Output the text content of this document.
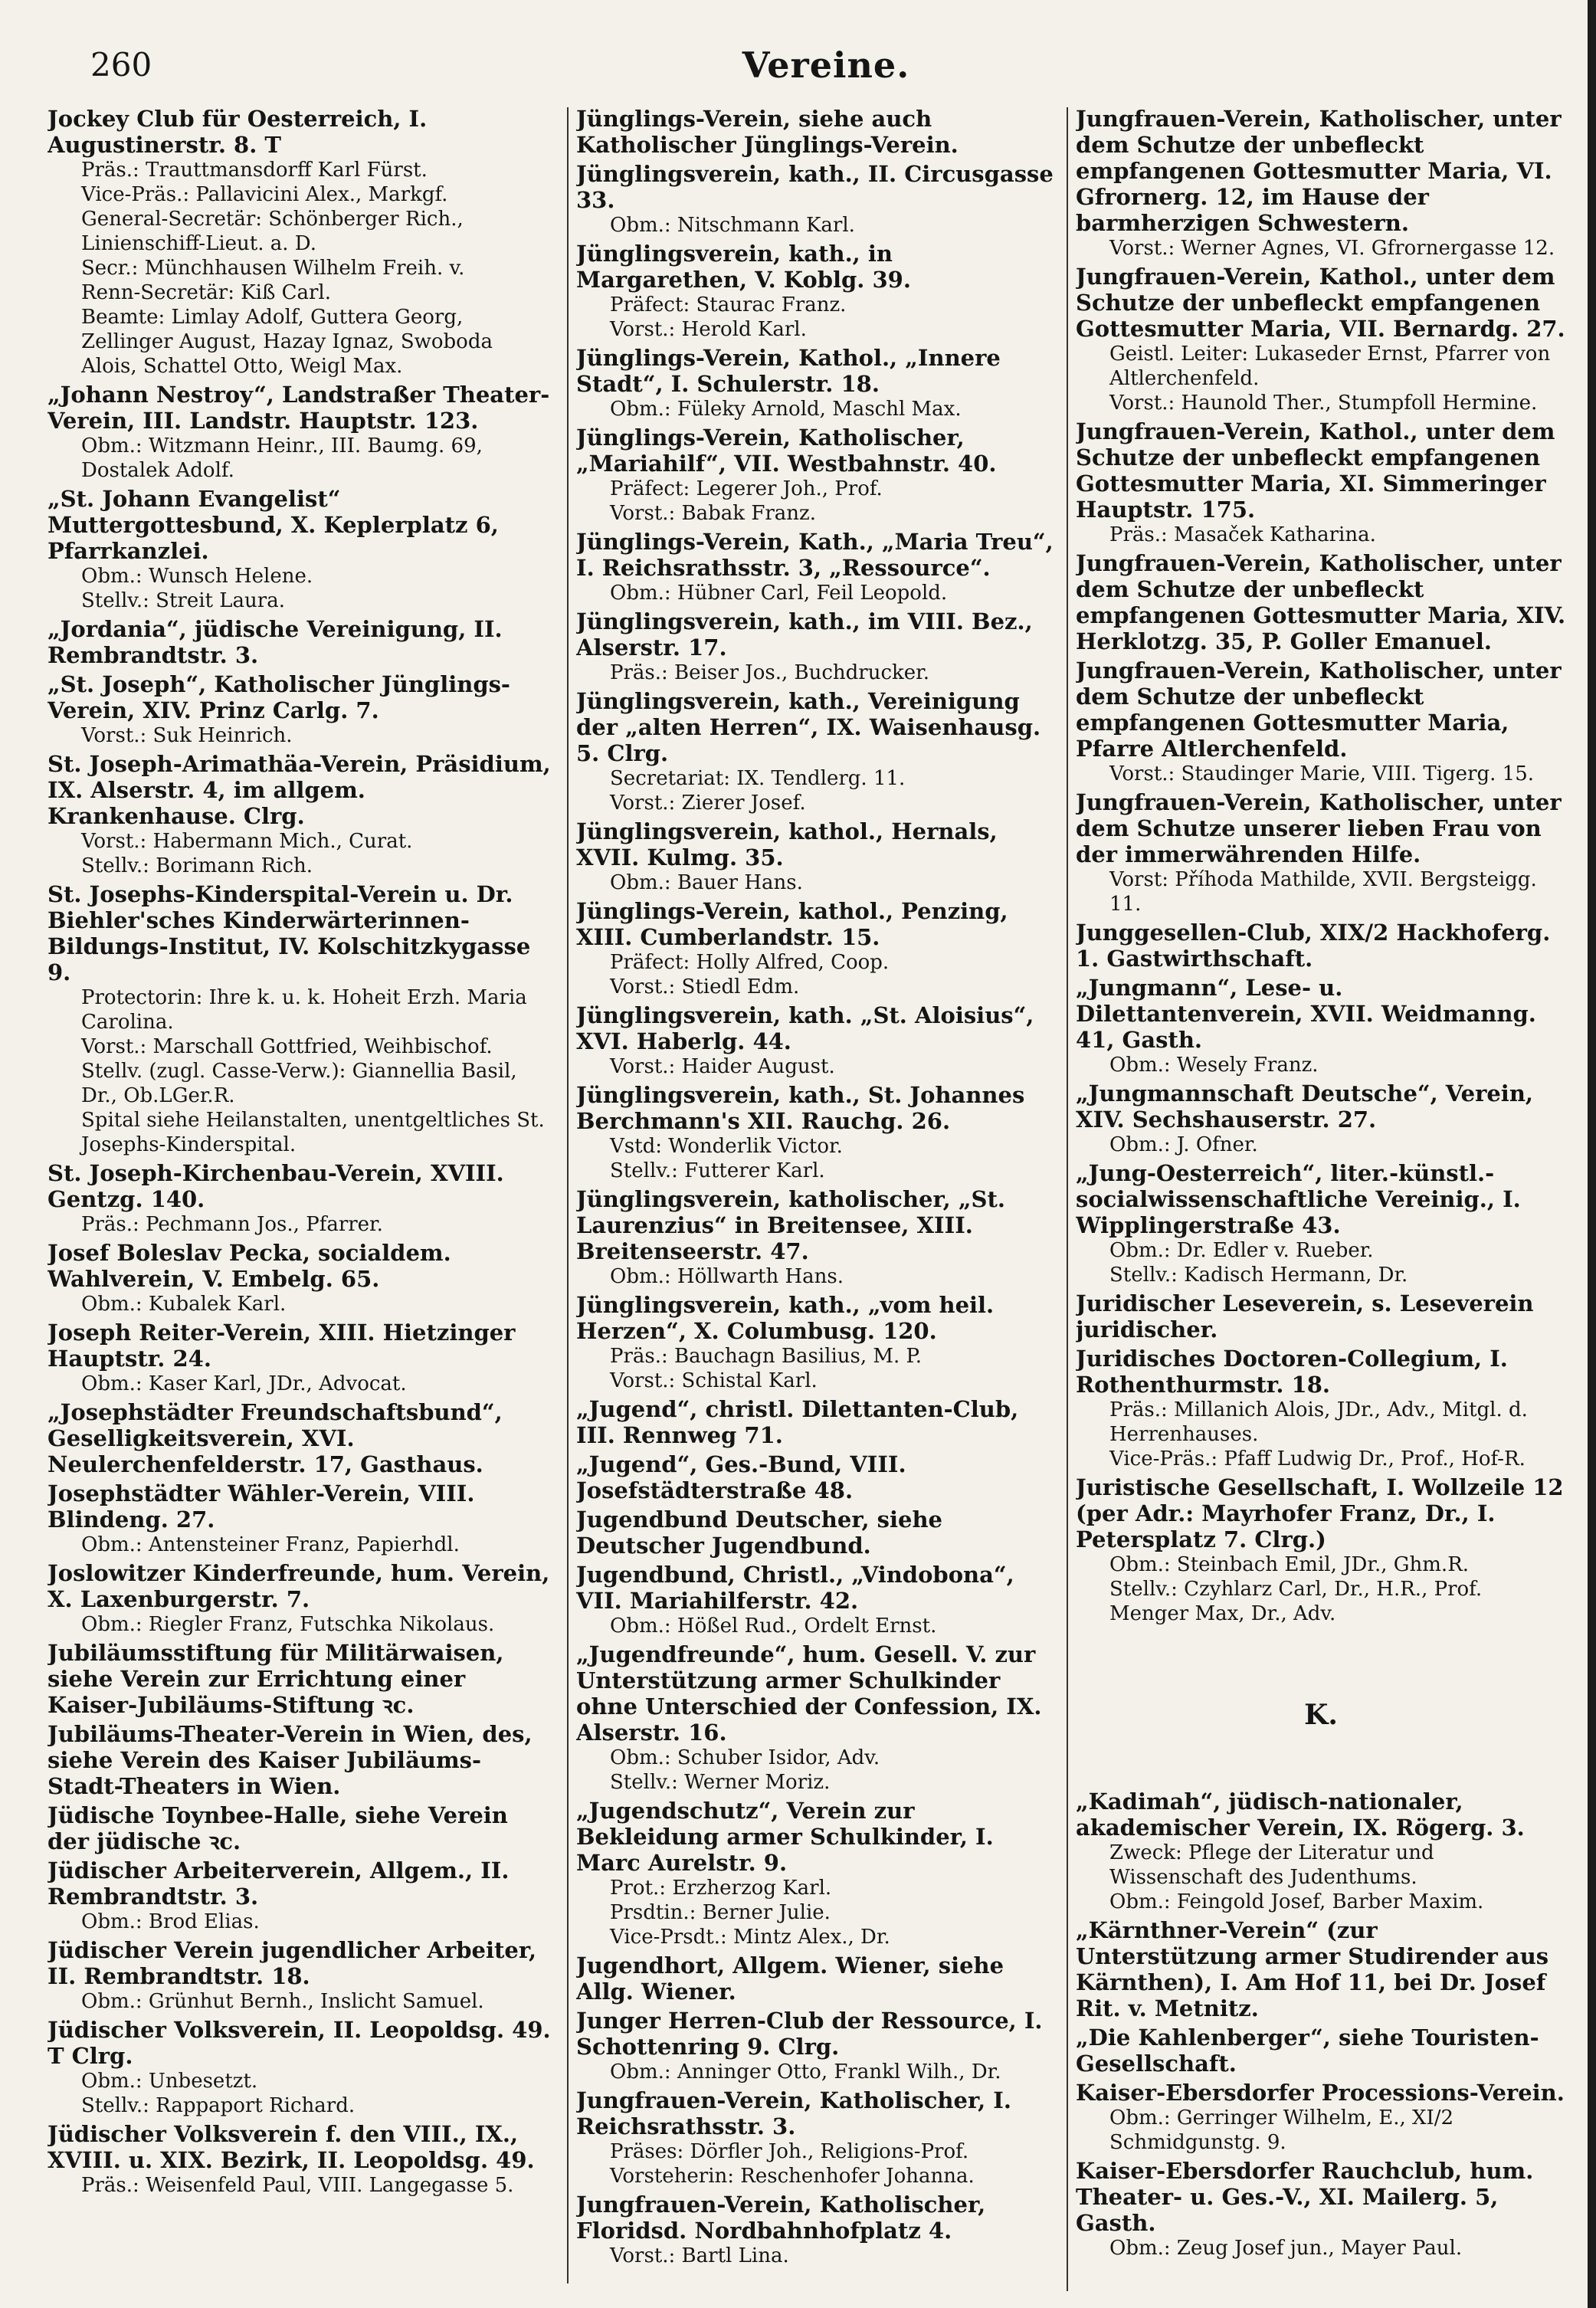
260	Vereine.
Jockey Club für Oesterreich, I. Augustinerstr. 8. T
Präs.: Trauttmansdorff Karl Fürst.
Vice-Präs.: Pallavicini Alex., Markgf.
General-Secretär: Schönberger Rich., Linienschiff-Lieut. a. D.
Secr.: Münchhausen Wilhelm Freih. v.
Renn-Secretär: Kiß Carl.
Beamte: Limlay Adolf, Guttera Georg, Zellinger August, Hazay Ignaz, Swoboda Alois, Schattel Otto, Weigl Max.
„Johann Nestroy“, Landstraßer Theater-Verein, III. Landstr. Hauptstr. 123.
Obm.: Witzmann Heinr., III. Baumg. 69, Dostalek Adolf.
„St. Johann Evangelist“ Muttergottesbund, X. Keplerplatz 6, Pfarrkanzlei.
Obm.: Wunsch Helene.
Stellv.: Streit Laura.
„Jordania“, jüdische Vereinigung, II. Rembrandtstr. 3.
„St. Joseph“, Katholischer Jünglings-Verein, XIV. Prinz Carlg. 7.
Vorst.: Suk Heinrich.
St. Joseph-Arimathäa-Verein, Präsidium, IX. Alserstr. 4, im allgem. Krankenhause. Clrg.
Vorst.: Habermann Mich., Curat.
Stellv.: Borimann Rich.
St. Josephs-Kinderspital-Verein u. Dr. Biehler'sches Kinderwärterinnen-Bildungs-Institut, IV. Kolschitzkygasse 9.
Protectorin: Ihre k. u. k. Hoheit Erzh. Maria Carolina.
Vorst.: Marschall Gottfried, Weihbischof.
Stellv. (zugl. Casse-Verw.): Giannellia Basil, Dr., Ob.LGer.R.
Spital siehe Heilanstalten, unentgeltliches St. Josephs-Kinderspital.
St. Joseph-Kirchenbau-Verein, XVIII. Gentzg. 140.
Präs.: Pechmann Jos., Pfarrer.
Josef Boleslav Pecka, socialdem. Wahlverein, V. Embelg. 65.
Obm.: Kubalek Karl.
Joseph Reiter-Verein, XIII. Hietzinger Hauptstr. 24.
Obm.: Kaser Karl, JDr., Advocat.
„Josephstädter Freundschaftsbund“, Geselligkeitsverein, XVI. Neulerchenfelderstr. 17, Gasthaus.
Josephstädter Wähler-Verein, VIII. Blindeng. 27.
Obm.: Antensteiner Franz, Papierhdl.
Joslowitzer Kinderfreunde, hum. Verein, X. Laxenburgerstr. 7.
Obm.: Riegler Franz, Futschka Nikolaus.
Jubiläumsstiftung für Militärwaisen, siehe Verein zur Errichtung einer Kaiser-Jubiläums-Stiftung ꝛc.
Jubiläums-Theater-Verein in Wien, des, siehe Verein des Kaiser Jubiläums-Stadt-Theaters in Wien.
Jüdische Toynbee-Halle, siehe Verein der jüdische ꝛc.
Jüdischer Arbeiterverein, Allgem., II. Rembrandtstr. 3.
Obm.: Brod Elias.
Jüdischer Verein jugendlicher Arbeiter, II. Rembrandtstr. 18.
Obm.: Grünhut Bernh., Inslicht Samuel.
Jüdischer Volksverein, II. Leopoldsg. 49. T Clrg.
Obm.: Unbesetzt.
Stellv.: Rappaport Richard.
Jüdischer Volksverein f. den VIII., IX., XVIII. u. XIX. Bezirk, II. Leopoldsg. 49.
Präs.: Weisenfeld Paul, VIII. Langegasse 5.
Jünglings-Verein, siehe auch Katholischer Jünglings-Verein.
Jünglingsverein, kath., II. Circusgasse 33.
Obm.: Nitschmann Karl.
Jünglingsverein, kath., in Margarethen, V. Koblg. 39.
Präfect: Staurac Franz.
Vorst.: Herold Karl.
Jünglings-Verein, Kathol., „Innere Stadt“, I. Schulerstr. 18.
Obm.: Füleky Arnold, Maschl Max.
Jünglings-Verein, Katholischer, „Mariahilf“, VII. Westbahnstr. 40.
Präfect: Legerer Joh., Prof.
Vorst.: Babak Franz.
Jünglings-Verein, Kath., „Maria Treu“, I. Reichsrathsstr. 3, „Ressource“.
Obm.: Hübner Carl, Feil Leopold.
Jünglingsverein, kath., im VIII. Bez., Alserstr. 17.
Präs.: Beiser Jos., Buchdrucker.
Jünglingsverein, kath., Vereinigung der „alten Herren“, IX. Waisenhausg. 5. Clrg.
Secretariat: IX. Tendlerg. 11.
Vorst.: Zierer Josef.
Jünglingsverein, kathol., Hernals, XVII. Kulmg. 35.
Obm.: Bauer Hans.
Jünglings-Verein, kathol., Penzing, XIII. Cumberlandstr. 15.
Präfect: Holly Alfred, Coop.
Vorst.: Stiedl Edm.
Jünglingsverein, kath. „St. Aloisius“, XVI. Haberlg. 44.
Vorst.: Haider August.
Jünglingsverein, kath., St. Johannes Berchmann's XII. Rauchg. 26.
Vstd: Wonderlik Victor.
Stellv.: Futterer Karl.
Jünglingsverein, katholischer, „St. Laurenzius“ in Breitensee, XIII. Breitenseerstr. 47.
Obm.: Höllwarth Hans.
Jünglingsverein, kath., „vom heil. Herzen“, X. Columbusg. 120.
Präs.: Bauchagn Basilius, M. P.
Vorst.: Schistal Karl.
„Jugend“, christl. Dilettanten-Club, III. Rennweg 71.
„Jugend“, Ges.-Bund, VIII. Josefstädterstraße 48.
Jugendbund Deutscher, siehe Deutscher Jugendbund.
Jugendbund, Christl., „Vindobona“, VII. Mariahilferstr. 42.
Obm.: Hößel Rud., Ordelt Ernst.
„Jugendfreunde“, hum. Gesell. V. zur Unterstützung armer Schulkinder ohne Unterschied der Confession, IX. Alserstr. 16.
Obm.: Schuber Isidor, Adv.
Stellv.: Werner Moriz.
„Jugendschutz“, Verein zur Bekleidung armer Schulkinder, I. Marc Aurelstr. 9.
Prot.: Erzherzog Karl.
Prsdtin.: Berner Julie.
Vice-Prsdt.: Mintz Alex., Dr.
Jugendhort, Allgem. Wiener, siehe Allg. Wiener.
Junger Herren-Club der Ressource, I. Schottenring 9. Clrg.
Obm.: Anninger Otto, Frankl Wilh., Dr.
Jungfrauen-Verein, Katholischer, I. Reichsrathsstr. 3.
Präses: Dörfler Joh., Religions-Prof.
Vorsteherin: Reschenhofer Johanna.
Jungfrauen-Verein, Katholischer, Floridsd. Nordbahnhofplatz 4.
Vorst.: Bartl Lina.
Jungfrauen-Verein, Katholischer, unter dem Schutze der unbefleckt empfangenen Gottesmutter Maria, VI. Gfrornerg. 12, im Hause der barmherzigen Schwestern.
Vorst.: Werner Agnes, VI. Gfrornergasse 12.
Jungfrauen-Verein, Kathol., unter dem Schutze der unbefleckt empfangenen Gottesmutter Maria, VII. Bernardg. 27.
Geistl. Leiter: Lukaseder Ernst, Pfarrer von Altlerchenfeld.
Vorst.: Haunold Ther., Stumpfoll Hermine.
Jungfrauen-Verein, Kathol., unter dem Schutze der unbefleckt empfangenen Gottesmutter Maria, XI. Simmeringer Hauptstr. 175.
Präs.: Masaček Katharina.
Jungfrauen-Verein, Katholischer, unter dem Schutze der unbefleckt empfangenen Gottesmutter Maria, XIV. Herklotzg. 35, P. Goller Emanuel.
Jungfrauen-Verein, Katholischer, unter dem Schutze der unbefleckt empfangenen Gottesmutter Maria, Pfarre Altlerchenfeld.
Vorst.: Staudinger Marie, VIII. Tigerg. 15.
Jungfrauen-Verein, Katholischer, unter dem Schutze unserer lieben Frau von der immerwährenden Hilfe.
Vorst: Příhoda Mathilde, XVII. Bergsteigg. 11.
Junggesellen-Club, XIX/2 Hackhoferg. 1. Gastwirthschaft.
„Jungmann“, Lese- u. Dilettantenverein, XVII. Weidmanng. 41, Gasth.
Obm.: Wesely Franz.
„Jungmannschaft Deutsche“, Verein, XIV. Sechshauserstr. 27.
Obm.: J. Ofner.
„Jung-Oesterreich“, liter.-künstl.-socialwissenschaftliche Vereinig., I. Wipplingerstraße 43.
Obm.: Dr. Edler v. Rueber.
Stellv.: Kadisch Hermann, Dr.
Juridischer Leseverein, s. Leseverein juridischer.
Juridisches Doctoren-Collegium, I. Rothenthurmstr. 18.
Präs.: Millanich Alois, JDr., Adv., Mitgl. d. Herrenhauses.
Vice-Präs.: Pfaff Ludwig Dr., Prof., Hof-R.
Juristische Gesellschaft, I. Wollzeile 12 (per Adr.: Mayrhofer Franz, Dr., I. Petersplatz 7. Clrg.)
Obm.: Steinbach Emil, JDr., Ghm.R.
Stellv.: Czyhlarz Carl, Dr., H.R., Prof. Menger Max, Dr., Adv.
K.
„Kadimah“, jüdisch-nationaler, akademischer Verein, IX. Rögerg. 3.
Zweck: Pflege der Literatur und Wissenschaft des Judenthums.
Obm.: Feingold Josef, Barber Maxim.
„Kärnthner-Verein“ (zur Unterstützung armer Studirender aus Kärnthen), I. Am Hof 11, bei Dr. Josef Rit. v. Metnitz.
„Die Kahlenberger“, siehe Touristen-Gesellschaft.
Kaiser-Ebersdorfer Processions-Verein.
Obm.: Gerringer Wilhelm, E., XI/2 Schmidgunstg. 9.
Kaiser-Ebersdorfer Rauchclub, hum. Theater- u. Ges.-V., XI. Mailerg. 5, Gasth.
Obm.: Zeug Josef jun., Mayer Paul.
